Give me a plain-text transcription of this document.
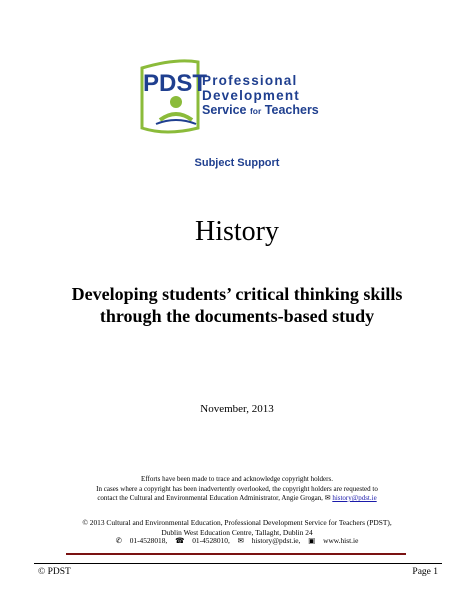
PDST
Professional
Development
Service for Teachers
Subject Support
History
Developing students’ critical thinking skills
through the documents-based study
November, 2013
Efforts have been made to trace and acknowledge copyright holders.
In cases where a copyright has been inadvertently overlooked, the copyright holders are requested to
contact the Cultural and Environmental Education Administrator, Angie Grogan, ✉ history@pdst.ie
© 2013 Cultural and Environmental Education, Professional Development Service for Teachers (PDST),
Dublin West Education Centre, Tallaght, Dublin 24
✆ 01-4528018, ☎ 01-4528010, ✉ history@pdst.ie, ▣ www.hist.ie
© PDST	Page 1
